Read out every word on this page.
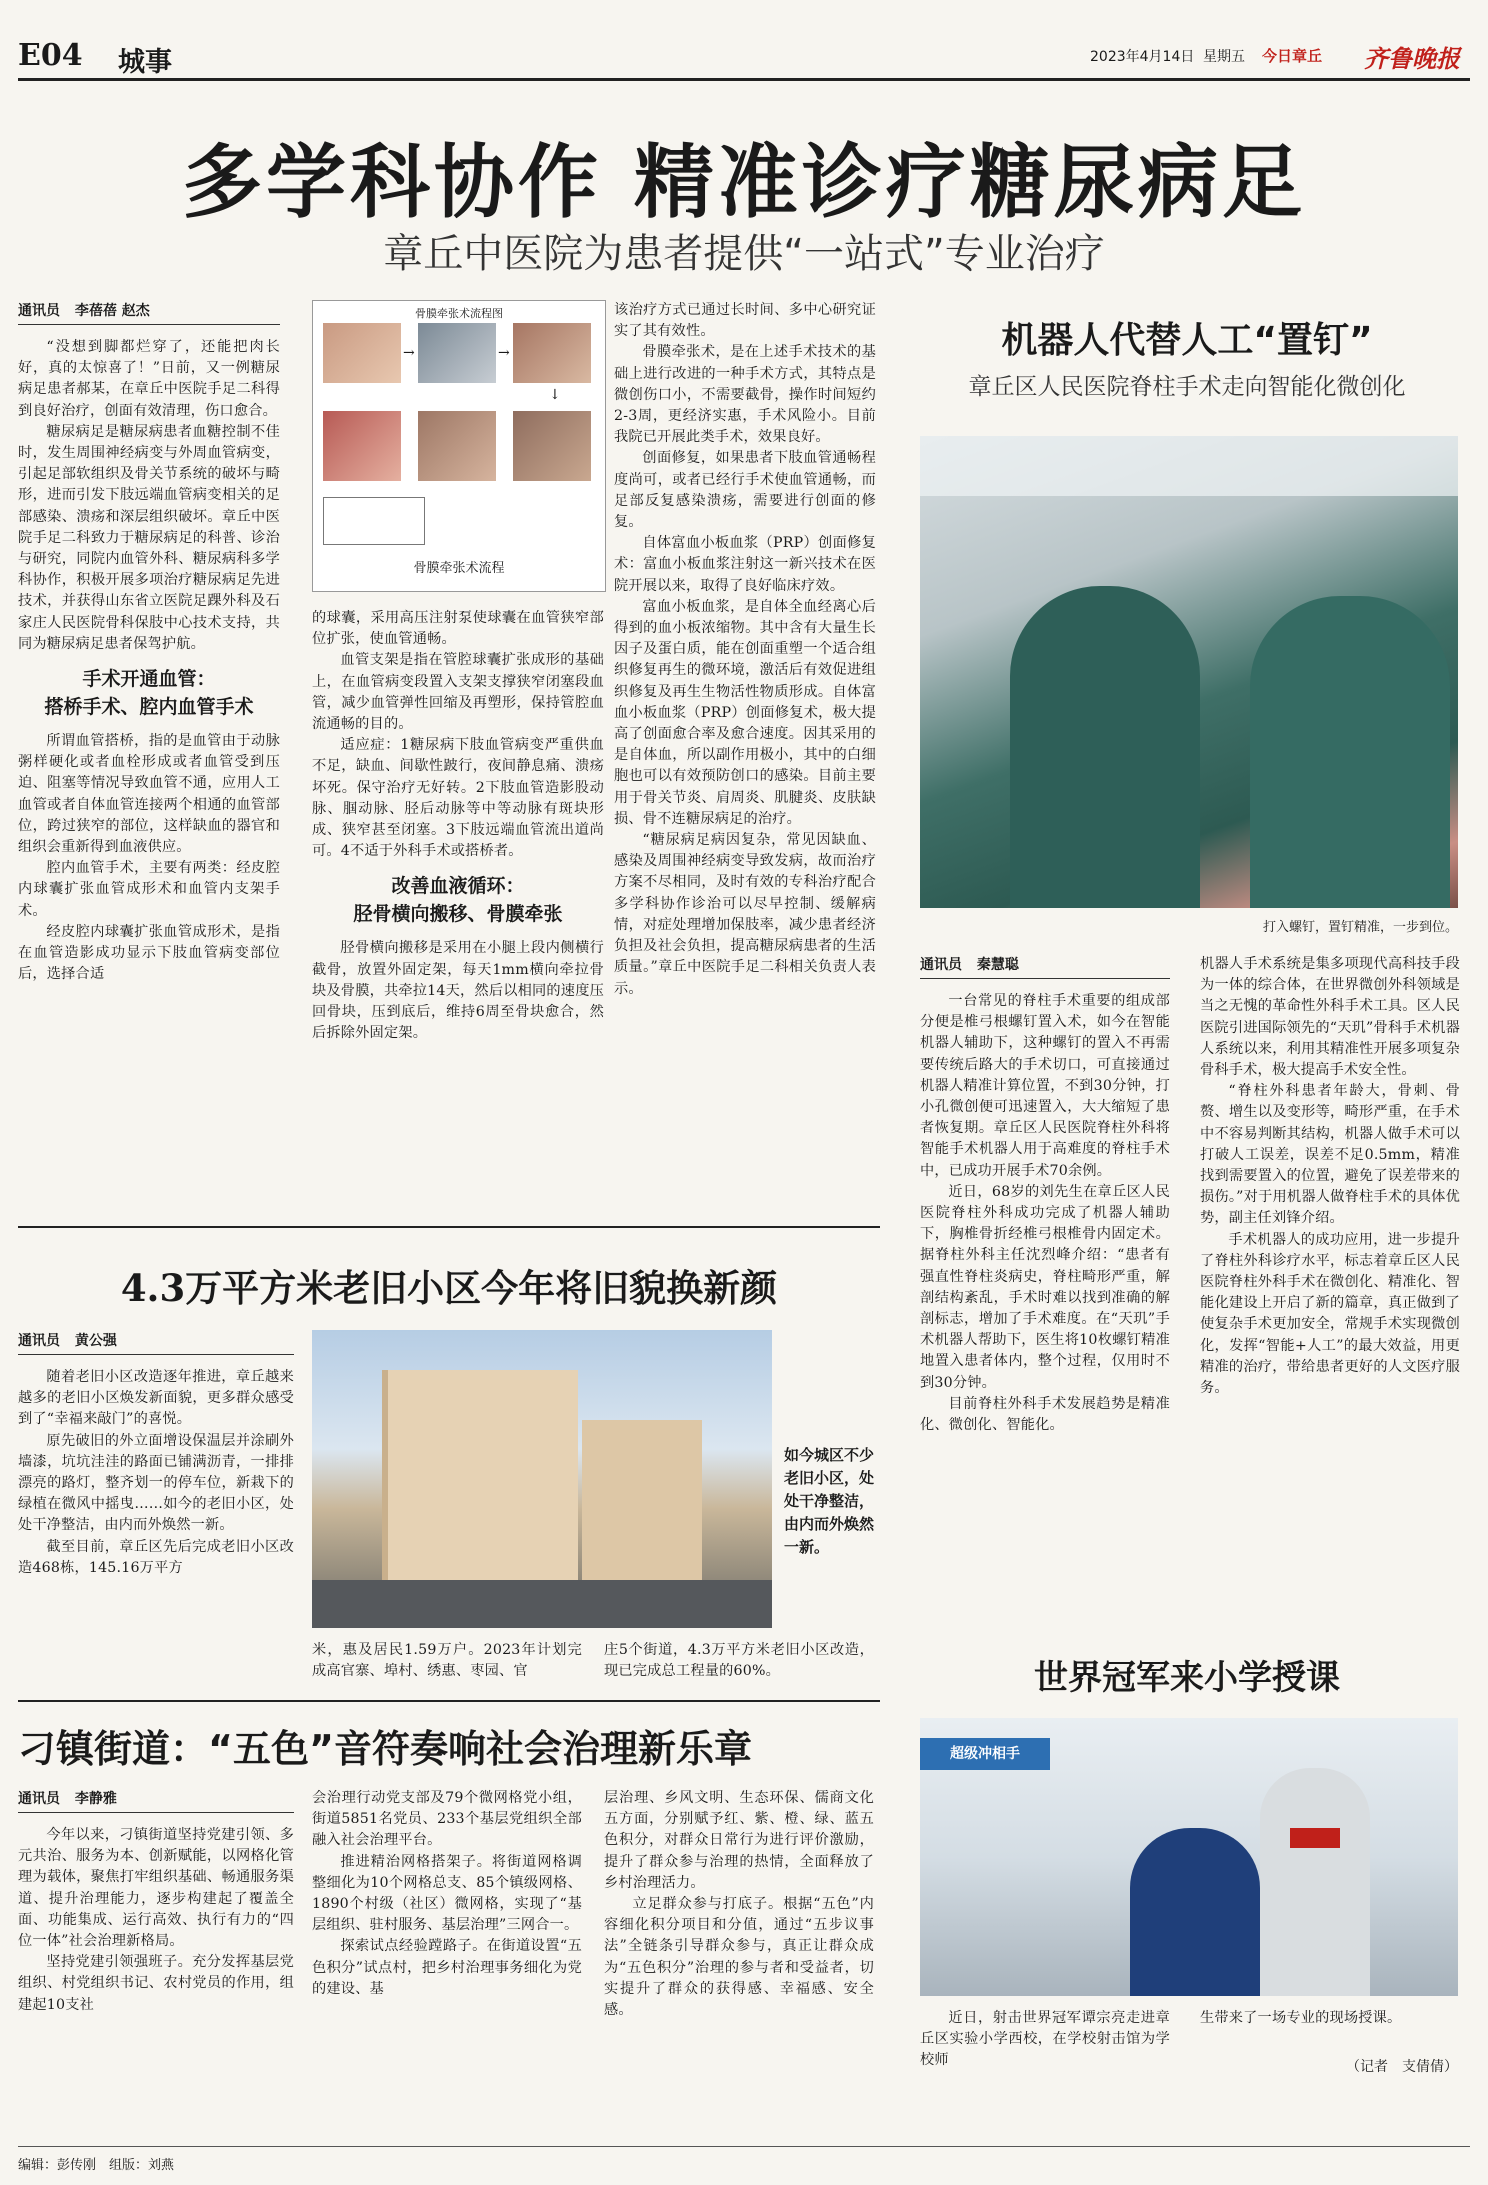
E04 城事	2023年4月14日 星期五 今日章丘 齐鲁晚报
多学科协作 精准诊疗糖尿病足
章丘中医院为患者提供“一站式”专业治疗
通讯员 李蓓蓓 赵杰

“没想到脚都烂穿了，还能把肉长好，真的太惊喜了！”日前，又一例糖尿病足患者郝某，在章丘中医院手足二科得到良好治疗，创面有效清理，伤口愈合。

糖尿病足是糖尿病患者血糖控制不佳时，发生周围神经病变与外周血管病变，引起足部软组织及骨关节系统的破坏与畸形，进而引发下肢远端血管病变相关的足部感染、溃疡和深层组织破坏。章丘中医院手足二科致力于糖尿病足的科普、诊治与研究，同院内血管外科、糖尿病科多学科协作，积极开展多项治疗糖尿病足先进技术，并获得山东省立医院足踝外科及石家庄人民医院骨科保肢中心技术支持，共同为糖尿病足患者保驾护航。

手术开通血管：
搭桥手术、腔内血管手术

所谓血管搭桥，指的是血管由于动脉粥样硬化或者血栓形成或者血管受到压迫、阻塞等情况导致血管不通，应用人工血管或者自体血管连接两个相通的血管部位，跨过狭窄的部位，这样缺血的器官和组织会重新得到血液供应。

腔内血管手术，主要有两类：经皮腔内球囊扩张血管成形术和血管内支架手术。

经皮腔内球囊扩张血管成形术，是指在血管造影成功显示下肢血管病变部位后，选择合适

骨膜牵张术流程图
→	→
↓
骨膜牵张术流程

的球囊，采用高压注射泵使球囊在血管狭窄部位扩张，使血管通畅。

血管支架是指在管腔球囊扩张成形的基础上，在血管病变段置入支架支撑狭窄闭塞段血管，减少血管弹性回缩及再塑形，保持管腔血流通畅的目的。

适应症：1糖尿病下肢血管病变严重供血不足，缺血、间歇性跛行，夜间静息痛、溃疡坏死。保守治疗无好转。2下肢血管造影股动脉、腘动脉、胫后动脉等中等动脉有斑块形成、狭窄甚至闭塞。3下肢远端血管流出道尚可。4不适于外科手术或搭桥者。

改善血液循环：
胫骨横向搬移、骨膜牵张

胫骨横向搬移是采用在小腿上段内侧横行截骨，放置外固定架，每天1mm横向牵拉骨块及骨膜，共牵拉14天，然后以相同的速度压回骨块，压到底后，维持6周至骨块愈合，然后拆除外固定架。

该治疗方式已通过长时间、多中心研究证实了其有效性。

骨膜牵张术，是在上述手术技术的基础上进行改进的一种手术方式，其特点是微创伤口小，不需要截骨，操作时间短约2-3周，更经济实惠，手术风险小。目前我院已开展此类手术，效果良好。

创面修复，如果患者下肢血管通畅程度尚可，或者已经行手术使血管通畅，而足部反复感染溃疡，需要进行创面的修复。

自体富血小板血浆（PRP）创面修复术：富血小板血浆注射这一新兴技术在医院开展以来，取得了良好临床疗效。

富血小板血浆，是自体全血经离心后得到的血小板浓缩物。其中含有大量生长因子及蛋白质，能在创面重塑一个适合组织修复再生的微环境，激活后有效促进组织修复及再生生物活性物质形成。自体富血小板血浆（PRP）创面修复术，极大提高了创面愈合率及愈合速度。因其采用的是自体血，所以副作用极小，其中的白细胞也可以有效预防创口的感染。目前主要用于骨关节炎、肩周炎、肌腱炎、皮肤缺损、骨不连糖尿病足的治疗。

“糖尿病足病因复杂，常见因缺血、感染及周围神经病变导致发病，故而治疗方案不尽相同，及时有效的专科治疗配合多学科协作诊治可以尽早控制、缓解病情，对症处理增加保肢率，减少患者经济负担及社会负担，提高糖尿病患者的生活质量。”章丘中医院手足二科相关负责人表示。

机器人代替人工“置钉”
章丘区人民医院脊柱手术走向智能化微创化
打入螺钉，置钉精准，一步到位。
通讯员 秦慧聪

一台常见的脊柱手术重要的组成部分便是椎弓根螺钉置入术，如今在智能机器人辅助下，这种螺钉的置入不再需要传统后路大的手术切口，可直接通过机器人精准计算位置，不到30分钟，打小孔微创便可迅速置入，大大缩短了患者恢复期。章丘区人民医院脊柱外科将智能手术机器人用于高难度的脊柱手术中，已成功开展手术70余例。

近日，68岁的刘先生在章丘区人民医院脊柱外科成功完成了机器人辅助下，胸椎骨折经椎弓根椎骨内固定术。据脊柱外科主任沈烈峰介绍：“患者有强直性脊柱炎病史，脊柱畸形严重，解剖结构紊乱，手术时难以找到准确的解剖标志，增加了手术难度。在“天玑”手术机器人帮助下，医生将10枚螺钉精准地置入患者体内，整个过程，仅用时不到30分钟。

目前脊柱外科手术发展趋势是精准化、微创化、智能化。

机器人手术系统是集多项现代高科技手段为一体的综合体，在世界微创外科领域是当之无愧的革命性外科手术工具。区人民医院引进国际领先的“天玑”骨科手术机器人系统以来，利用其精准性开展多项复杂骨科手术，极大提高手术安全性。

“脊柱外科患者年龄大，骨刺、骨赘、增生以及变形等，畸形严重，在手术中不容易判断其结构，机器人做手术可以打破人工误差，误差不足0.5mm，精准找到需要置入的位置，避免了误差带来的损伤。”对于用机器人做脊柱手术的具体优势，副主任刘锋介绍。

手术机器人的成功应用，进一步提升了脊柱外科诊疗水平，标志着章丘区人民医院脊柱外科手术在微创化、精准化、智能化建设上开启了新的篇章，真正做到了使复杂手术更加安全，常规手术实现微创化，发挥“智能+人工”的最大效益，用更精准的治疗，带给患者更好的人文医疗服务。

4.3万平方米老旧小区今年将旧貌换新颜
通讯员 黄公强

随着老旧小区改造逐年推进，章丘越来越多的老旧小区焕发新面貌，更多群众感受到了“幸福来敲门”的喜悦。

原先破旧的外立面增设保温层并涂刷外墙漆，坑坑洼洼的路面已铺满沥青，一排排漂亮的路灯，整齐划一的停车位，新栽下的绿植在微风中摇曳……如今的老旧小区，处处干净整洁，由内而外焕然一新。

截至目前，章丘区先后完成老旧小区改造468栋，145.16万平方

如今城区不少老旧小区，处处干净整洁，由内而外焕然一新。

米，惠及居民1.59万户。2023年计划完成高官寨、埠村、绣惠、枣园、官

庄5个街道，4.3万平方米老旧小区改造，现已完成总工程量的60%。

刁镇街道：“五色”音符奏响社会治理新乐章
通讯员 李静雅

今年以来，刁镇街道坚持党建引领、多元共治、服务为本、创新赋能，以网格化管理为载体，聚焦打牢组织基础、畅通服务渠道、提升治理能力，逐步构建起了覆盖全面、功能集成、运行高效、执行有力的“四位一体”社会治理新格局。

坚持党建引领强班子。充分发挥基层党组织、村党组织书记、农村党员的作用，组建起10支社

会治理行动党支部及79个微网格党小组，街道5851名党员、233个基层党组织全部融入社会治理平台。

推进精治网格搭架子。将街道网格调整细化为10个网格总支、85个镇级网格、1890个村级（社区）微网格，实现了“基层组织、驻村服务、基层治理”三网合一。

探索试点经验蹚路子。在街道设置“五色积分”试点村，把乡村治理事务细化为党的建设、基

层治理、乡风文明、生态环保、儒商文化五方面，分别赋予红、紫、橙、绿、蓝五色积分，对群众日常行为进行评价激励，提升了群众参与治理的热情，全面释放了乡村治理活力。

立足群众参与打底子。根据“五色”内容细化积分项目和分值，通过“五步议事法”全链条引导群众参与，真正让群众成为“五色积分”治理的参与者和受益者，切实提升了群众的获得感、幸福感、安全感。

世界冠军来小学授课
超级冲相手

近日，射击世界冠军谭宗亮走进章丘区实验小学西校，在学校射击馆为学校师

生带来了一场专业的现场授课。

（记者　支倩倩）
编辑：彭传刚　组版：刘燕
